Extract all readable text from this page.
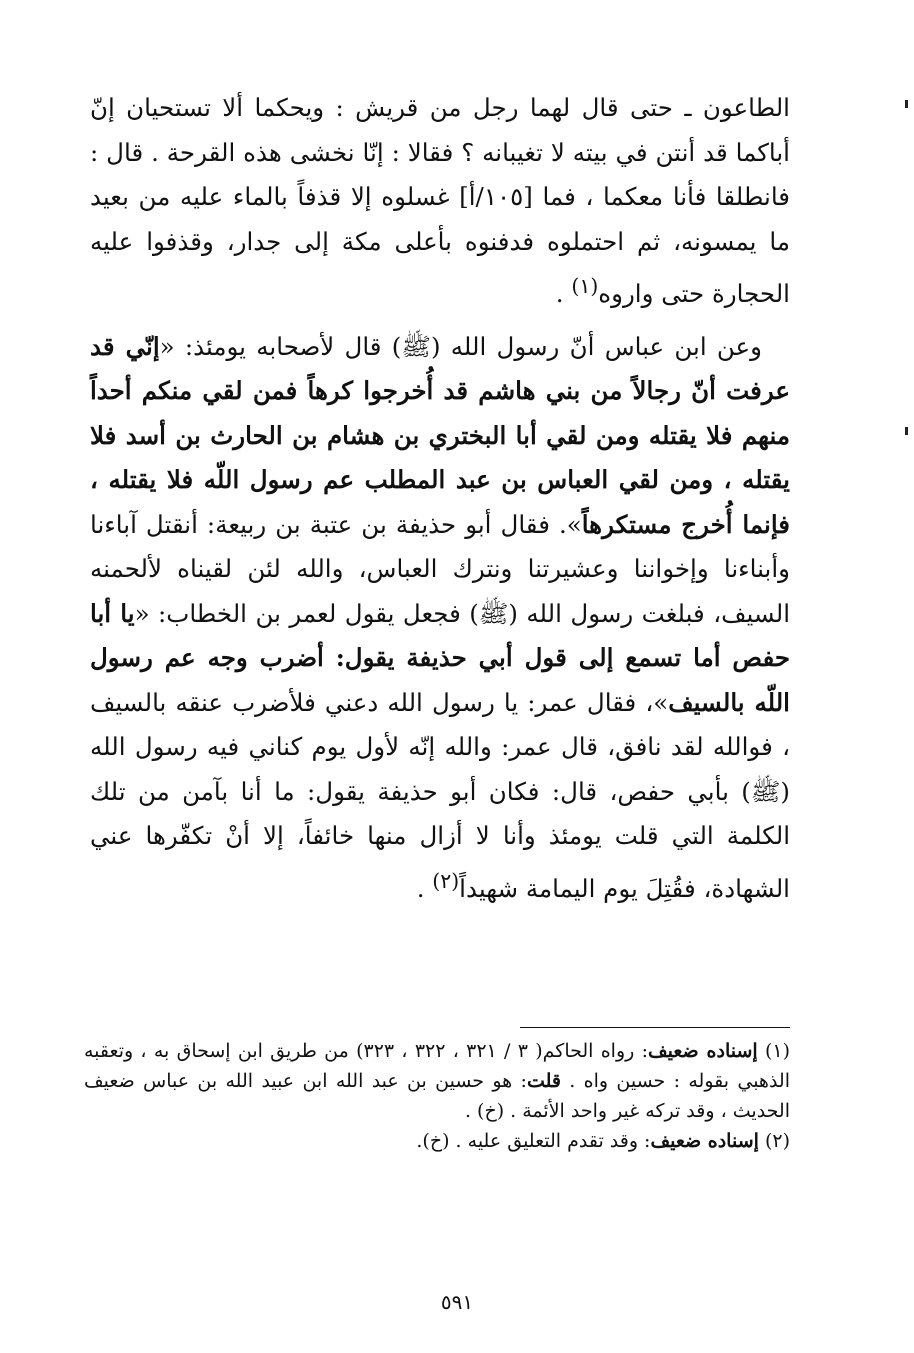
الطاعون ـ حتى قال لهما رجل من قريش : ويحكما ألا تستحيان إنّ أباكما قد أنتن في بيته لا تغيبانه ؟ فقالا : إنّا نخشى هذه القرحة . قال : فانطلقا فأنا معكما ، فما [١٠٥/أ] غسلوه إلا قذفاً بالماء عليه من بعيد ما يمسونه، ثم احتملوه فدفنوه بأعلى مكة إلى جدار، وقذفوا عليه الحجارة حتى واروه$^{(١)}$ .

وعن ابن عباس أنّ رسول الله (ﷺ) قال لأصحابه يومئذ: «إنّي قد عرفت أنّ رجالاً من بني هاشم قد أُخرجوا كرهاً فمن لقي منكم أحداً منهم فلا يقتله ومن لقي أبا البختري بن هشام بن الحارث بن أسد فلا يقتله ، ومن لقي العباس بن عبد المطلب عم رسول اللّه فلا يقتله ، فإنما أُخرج مستكرهاً». فقال أبو حذيفة بن عتبة بن ربيعة: أنقتل آباءنا وأبناءنا وإخواننا وعشيرتنا ونترك العباس، والله لئن لقيناه لألحمنه السيف، فبلغت رسول الله (ﷺ) فجعل يقول لعمر بن الخطاب: «يا أبا حفص أما تسمع إلى قول أبي حذيفة يقول: أضرب وجه عم رسول اللّه بالسيف»، فقال عمر: يا رسول الله دعني فلأضرب عنقه بالسيف ، فوالله لقد نافق، قال عمر: والله إنّه لأول يوم كناني فيه رسول الله (ﷺ) بأبي حفص، قال: فكان أبو حذيفة يقول: ما أنا بآمن من تلك الكلمة التي قلت يومئذ وأنا لا أزال منها خائفاً، إلا أنْ تكفّرها عني الشهادة، فقُتِلَ يوم اليمامة شهيداً$^{(٢)}$ .

(١) إسناده ضعيف: رواه الحاكم( ٣ / ٣٢١ ، ٣٢٢ ، ٣٢٣) من طريق ابن إسحاق به ، وتعقبه الذهبي بقوله : حسين واه . قلت: هو حسين بن عبد الله ابن عبيد الله بن عباس ضعيف الحديث ، وقد تركه غير واحد الأئمة . (خ) .

(٢) إسناده ضعيف: وقد تقدم التعليق عليه . (خ).

٥٩١
